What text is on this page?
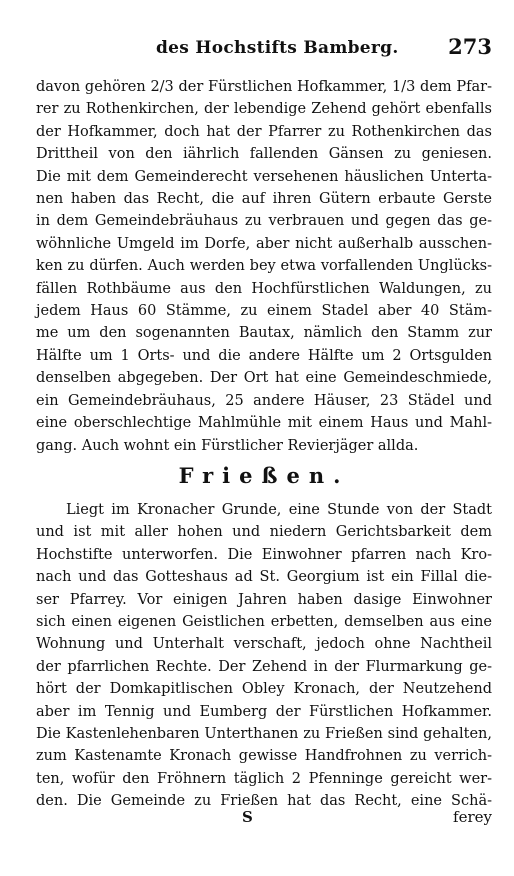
des Hochstifts Bamberg. 273
davon gehören 2/3 der Fürstlichen Hofkammer, 1/3 dem Pfar-
rer zu Rothenkirchen, der lebendige Zehend gehört ebenfalls
der Hofkammer, doch hat der Pfarrer zu Rothenkirchen das
Drittheil von den iährlich fallenden Gänsen zu geniesen.
Die mit dem Gemeinderecht versehenen häuslichen Unterta-
nen haben das Recht, die auf ihren Gütern erbaute Gerste
in dem Gemeindebräuhaus zu verbrauen und gegen das ge-
wöhnliche Umgeld im Dorfe, aber nicht außerhalb ausschen-
ken zu dürfen. Auch werden bey etwa vorfallenden Unglücks-
fällen Rothbäume aus den Hochfürstlichen Waldungen, zu
jedem Haus 60 Stämme, zu einem Stadel aber 40 Stäm-
me um den sogenannten Bautax, nämlich den Stamm zur
Hälfte um 1 Orts- und die andere Hälfte um 2 Ortsgulden
denselben abgegeben. Der Ort hat eine Gemeindeschmiede,
ein Gemeindebräuhaus, 25 andere Häuser, 23 Städel und
eine oberschlechtige Mahlmühle mit einem Haus und Mahl-
gang. Auch wohnt ein Fürstlicher Revierjäger allda.
Frießen.
Liegt im Kronacher Grunde, eine Stunde von der Stadt
und ist mit aller hohen und niedern Gerichtsbarkeit dem
Hochstifte unterworfen. Die Einwohner pfarren nach Kro-
nach und das Gotteshaus ad St. Georgium ist ein Fillal die-
ser Pfarrey. Vor einigen Jahren haben dasige Einwohner
sich einen eigenen Geistlichen erbetten, demselben aus eine
Wohnung und Unterhalt verschaft, jedoch ohne Nachtheil
der pfarrlichen Rechte. Der Zehend in der Flurmarkung ge-
hört der Domkapitlischen Obley Kronach, der Neutzehend
aber im Tennig und Eumberg der Fürstlichen Hofkammer.
Die Kastenlehenbaren Unterthanen zu Frießen sind gehalten,
zum Kastenamte Kronach gewisse Handfrohnen zu verrich-
ten, wofür den Fröhnern täglich 2 Pfenninge gereicht wer-
den. Die Gemeinde zu Frießen hat das Recht, eine Schä-
S	ferey
